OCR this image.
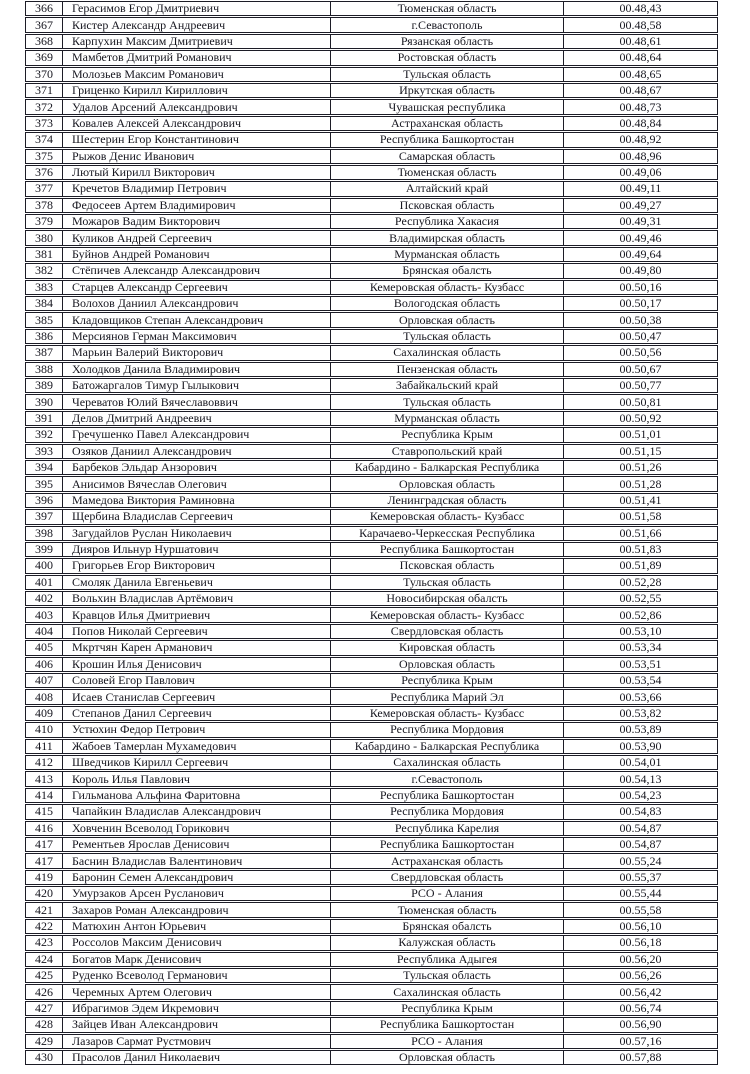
366	Герасимов Егор Дмитриевич	Тюменская область	00.48,43
367	Кистер Александр Андреевич	г.Севастополь	00.48,58
368	Карпухин Максим Дмитриевич	Рязанская область	00.48,61
369	Мамбетов Дмитрий Романович	Ростовская область	00.48,64
370	Молозьев Максим Романович	Тульская область	00.48,65
371	Гриценко Кирилл Кириллович	Иркутская область	00.48,67
372	Удалов Арсений Александрович	Чувашская республика	00.48,73
373	Ковалев Алексей Александрович	Астраханская область	00.48,84
374	Шестерин Егор Константинович	Республика Башкортостан	00.48,92
375	Рыжов Денис Иванович	Самарская область	00.48,96
376	Лютый Кирилл Викторович	Тюменская область	00.49,06
377	Кречетов Владимир Петрович	Алтайский край	00.49,11
378	Федосеев Артем Владимирович	Псковская область	00.49,27
379	Можаров Вадим Викторович	Республика Хакасия	00.49,31
380	Куликов Андрей Сергеевич	Владимирская область	00.49,46
381	Буйнов Андрей Романович	Мурманская область	00.49,64
382	Стёпичев Александр Александрович	Брянская обалсть	00.49,80
383	Старцев Александр Сергеевич	Кемеровская область- Кузбасс	00.50,16
384	Волохов Даниил Александрович	Вологодская область	00.50,17
385	Кладовщиков Степан Александрович	Орловская область	00.50,38
386	Мерсиянов Герман Максимович	Тульская область	00.50,47
387	Марьин Валерий Викторович	Сахалинская область	00.50,56
388	Холодков Данила Владимирович	Пензенская область	00.50,67
389	Батожаргалов Тимур Гылыкович	Забайкальский край	00.50,77
390	Череватов Юлий Вячеславоввич	Тульская область	00.50,81
391	Делов Дмитрий Андреевич	Мурманская область	00.50,92
392	Гречушенко Павел Александрович	Республика Крым	00.51,01
393	Озяков Даниил Александрович	Ставропольский край	00.51,15
394	Барбеков Эльдар Анзорович	Кабардино - Балкарская Республика	00.51,26
395	Анисимов Вячеслав Олегович	Орловская область	00.51,28
396	Мамедова Виктория Раминовна	Ленинградская область	00.51,41
397	Щербина Владислав Сергеевич	Кемеровская область- Кузбасс	00.51,58
398	Загудайлов Руслан Николаевич	Карачаево-Черкесская Республика	00.51,66
399	Дияров Ильнур Нуршатович	Республика Башкортостан	00.51,83
400	Григорьев Егор Викторович	Псковская область	00.51,89
401	Смоляк Данила Евгеньевич	Тульская область	00.52,28
402	Вольхин Владислав Артёмович	Новосибирская обалсть	00.52,55
403	Кравцов Илья Дмитриевич	Кемеровская область- Кузбасс	00.52,86
404	Попов Николай Сергеевич	Свердловская область	00.53,10
405	Мкртчян Карен Арманович	Кировская область	00.53,34
406	Крошин Илья Денисович	Орловская область	00.53,51
407	Соловей Егор Павлович	Республика Крым	00.53,54
408	Исаев Станислав Сергеевич	Республика Марий Эл	00.53,66
409	Степанов Данил Сергеевич	Кемеровская область- Кузбасс	00.53,82
410	Устюхин Федор Петрович	Республика Мордовия	00.53,89
411	Жабоев Тамерлан Мухамедович	Кабардино - Балкарская Республика	00.53,90
412	Шведчиков Кирилл Сергеевич	Сахалинская область	00.54,01
413	Король Илья Павлович	г.Севастополь	00.54,13
414	Гильманова Альфина Фаритовна	Республика Башкортостан	00.54,23
415	Чапайкин Владислав Александрович	Республика Мордовия	00.54,83
416	Ховченин Всеволод Горикович	Республика Карелия	00.54,87
417	Рементьев Ярослав Денисович	Республика Башкортостан	00.54,87
417	Баснин Владислав Валентинович	Астраханская область	00.55,24
419	Баронин Семен Александрович	Свердловская область	00.55,37
420	Умурзаков Арсен Русланович	РСО - Алания	00.55,44
421	Захаров Роман Александрович	Тюменская область	00.55,58
422	Матюхин Антон Юрьевич	Брянская обалсть	00.56,10
423	Россолов Максим Денисович	Калужская область	00.56,18
424	Богатов Марк Денисович	Республика Адыгея	00.56,20
425	Руденко Всеволод Германович	Тульская область	00.56,26
426	Черемных Артем Олегович	Сахалинская область	00.56,42
427	Ибрагимов Эдем Икремович	Республика Крым	00.56,74
428	Зайцев Иван Александрович	Республика Башкортостан	00.56,90
429	Лазаров Сармат Рустмович	РСО - Алания	00.57,16
430	Прасолов Данил Николаевич	Орловская область	00.57,88
